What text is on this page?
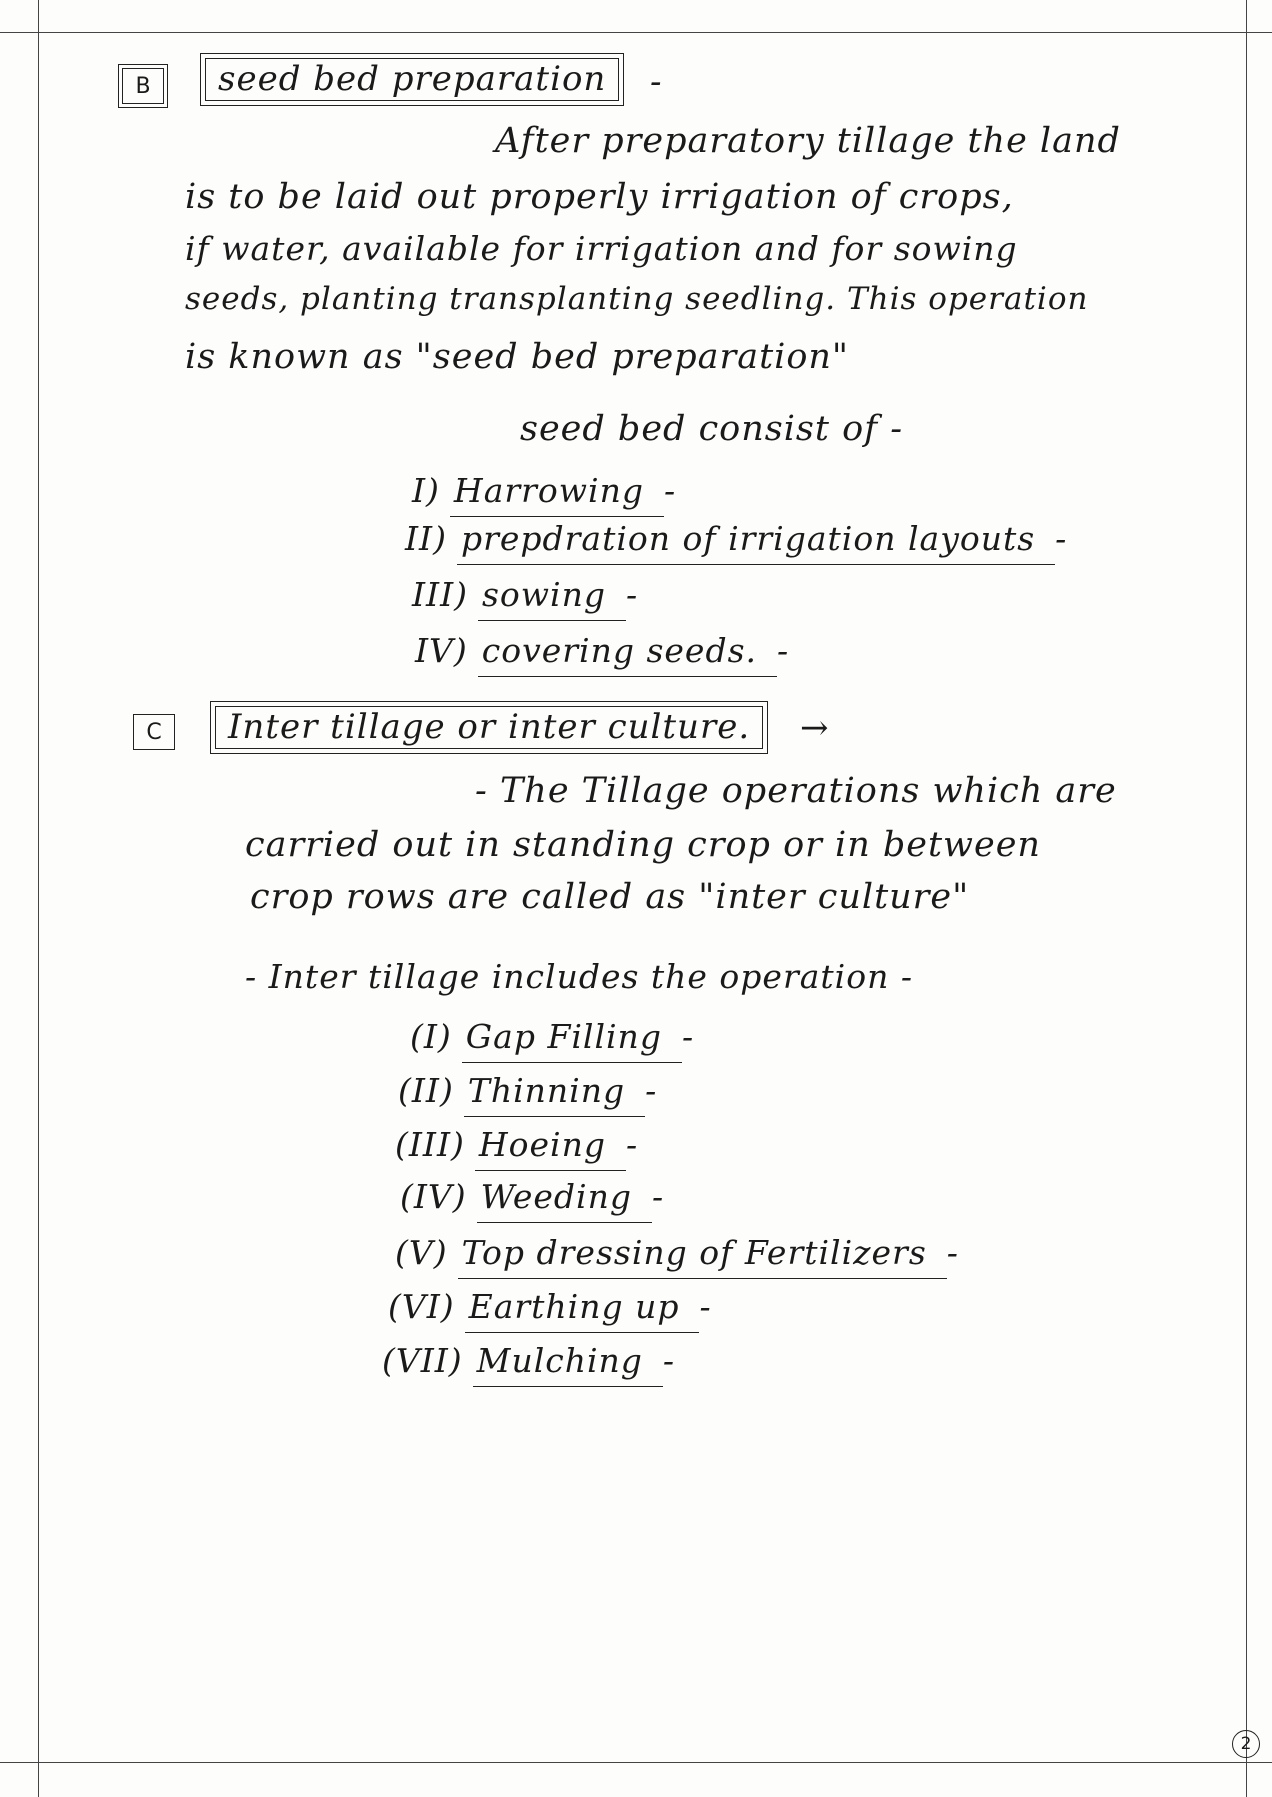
B	seed bed preparation	-
After preparatory tillage the land
is to be laid out properly irrigation of crops,
if water, available for irrigation and for sowing
seeds, planting transplanting seedling. This operation
is known as "seed bed preparation"
seed bed consist of -
I) Harrowing -
II) prepdration of irrigation layouts -
III) sowing -
IV) covering seeds. -
C	Inter tillage or inter culture.	→
- The Tillage operations which are
carried out in standing crop or in between
crop rows are called as "inter culture"
- Inter tillage includes the operation -
(I) Gap Filling -
(II) Thinning -
(III) Hoeing -
(IV) Weeding -
(V) Top dressing of Fertilizers -
(VI) Earthing up -
(VII) Mulching -
2
